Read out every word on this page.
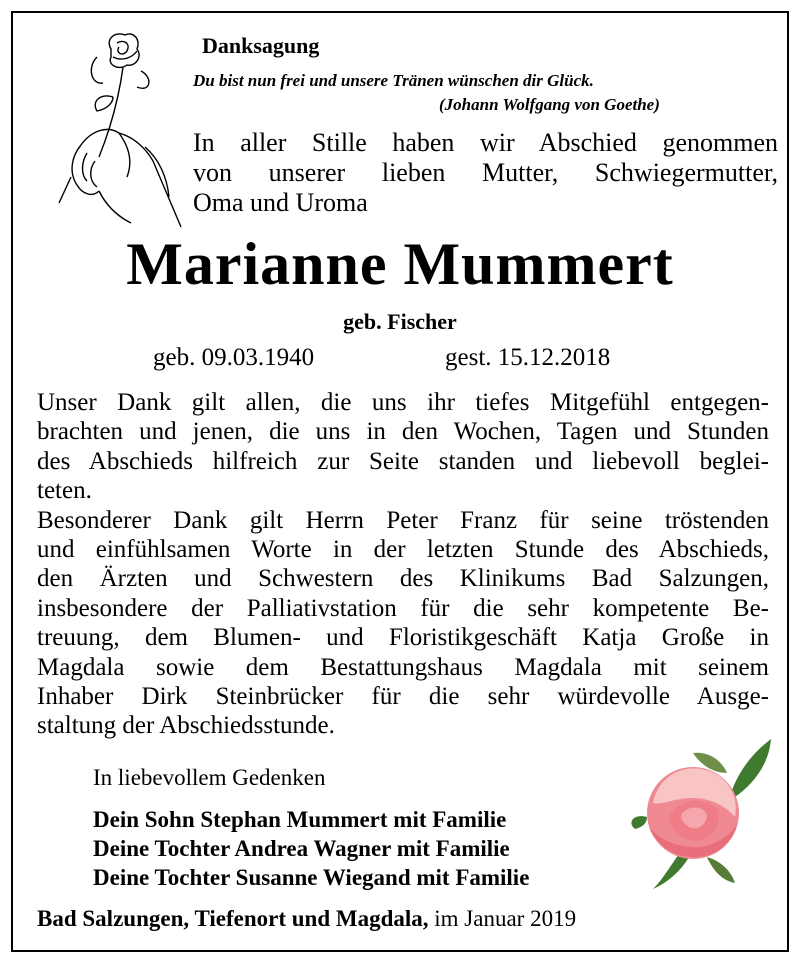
Danksagung
Du bist nun frei und unsere Tränen wünschen dir Glück.
(Johann Wolfgang von Goethe)
In aller Stille haben wir Abschied genommen
von unserer lieben Mutter, Schwiegermutter,
Oma und Uroma
Marianne Mummert
geb. Fischer
geb. 09.03.1940	gest. 15.12.2018
Unser Dank gilt allen, die uns ihr tiefes Mitgefühl entgegen-
brachten und jenen, die uns in den Wochen, Tagen und Stunden
des Abschieds hilfreich zur Seite standen und liebevoll beglei-
teten.
Besonderer Dank gilt Herrn Peter Franz für seine tröstenden
und einfühlsamen Worte in der letzten Stunde des Abschieds,
den Ärzten und Schwestern des Klinikums Bad Salzungen,
insbesondere der Palliativstation für die sehr kompetente Be-
treuung, dem Blumen- und Floristikgeschäft Katja Große in
Magdala sowie dem Bestattungshaus Magdala mit seinem
Inhaber Dirk Steinbrücker für die sehr würdevolle Ausge-
staltung der Abschiedsstunde.
In liebevollem Gedenken
Dein Sohn Stephan Mummert mit Familie
Deine Tochter Andrea Wagner mit Familie
Deine Tochter Susanne Wiegand mit Familie
Bad Salzungen, Tiefenort und Magdala, im Januar 2019
